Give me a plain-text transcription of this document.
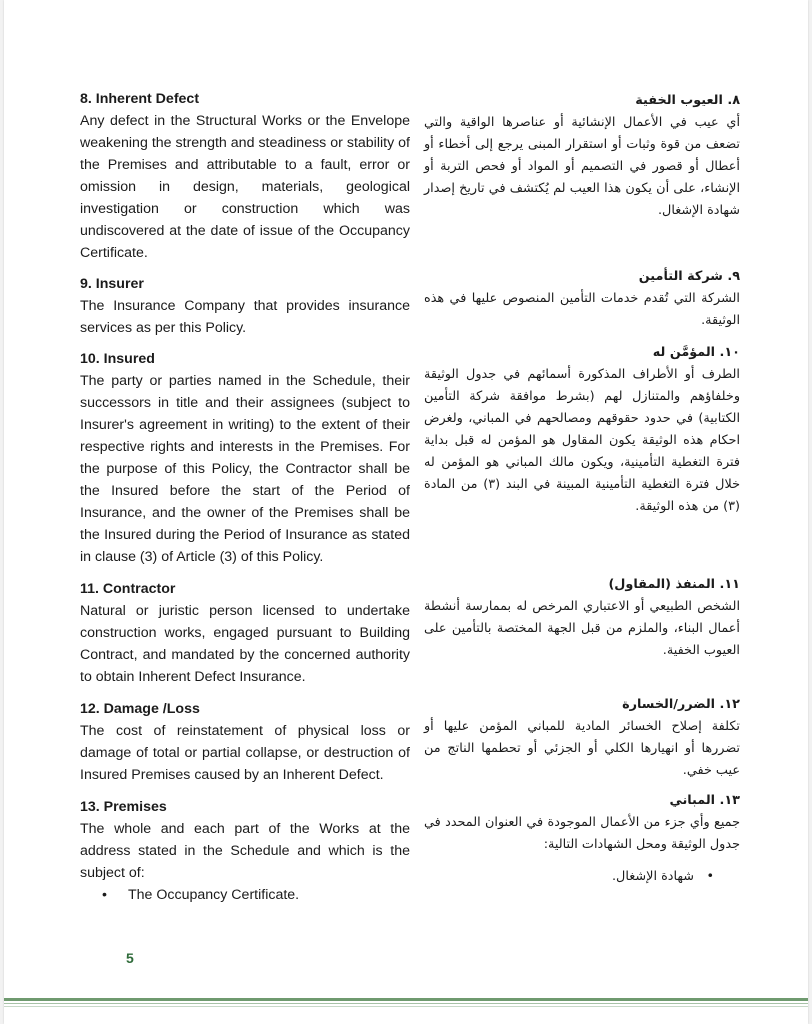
8. Inherent Defect

Any defect in the Structural Works or the Envelope weakening the strength and steadiness or stability of the Premises and attributable to a fault, error or omission in design, materials, geological investigation or construction which was undiscovered at the date of issue of the Occupancy Certificate.

٨. العيوب الخفية

أي عيب في الأعمال الإنشائية أو عناصرها الواقية والتي تضعف من قوة وثبات أو استقرار المبنى يرجع إلى أخطاء أو أعطال أو قصور في التصميم أو المواد أو فحص التربة أو الإنشاء، على أن يكون هذا العيب لم يُكتشف في تاريخ إصدار شهادة الإشغال.

9. Insurer

The Insurance Company that provides insurance services as per this Policy.

٩. شركة التأمين

الشركة التي تُقدم خدمات التأمين المنصوص عليها في هذه الوثيقة.

10. Insured

The party or parties named in the Schedule, their successors in title and their assignees (subject to Insurer's agreement in writing) to the extent of their respective rights and interests in the Premises. For the purpose of this Policy, the Contractor shall be the Insured before the start of the Period of Insurance, and the owner of the Premises shall be the Insured during the Period of Insurance as stated in clause (3) of Article (3) of this Policy.

١٠. المؤمَّن له

الطرف أو الأطراف المذكورة أسمائهم في جدول الوثيقة وخلفاؤهم والمتنازل لهم (بشرط موافقة شركة التأمين الكتابية) في حدود حقوقهم ومصالحهم في المباني، ولغرض احكام هذه الوثيقة يكون المقاول هو المؤمن له قبل بداية فترة التغطية التأمينية، ويكون مالك المباني هو المؤمن له خلال فترة التغطية التأمينية المبينة في البند (٣) من المادة (٣) من هذه الوثيقة.

11. Contractor

Natural or juristic person licensed to undertake construction works, engaged pursuant to Building Contract, and mandated by the concerned authority to obtain Inherent Defect Insurance.

١١. المنفذ (المقاول)

الشخص الطبيعي أو الاعتباري المرخص له بممارسة أنشطة أعمال البناء، والملزم من قبل الجهة المختصة بالتأمين على العيوب الخفية.

12. Damage /Loss

The cost of reinstatement of physical loss or damage of total or partial collapse, or destruction of Insured Premises caused by an Inherent Defect.

١٢. الضرر/الخسارة

تكلفة إصلاح الخسائر المادية للمباني المؤمن عليها أو تضررها أو انهيارها الكلي أو الجزئي أو تحطمها الناتج من عيب خفي.

13. Premises

The whole and each part of the Works at the address stated in the Schedule and which is the subject of:

• The Occupancy Certificate.

١٣. المباني

جميع وأي جزء من الأعمال الموجودة في العنوان المحدد في جدول الوثيقة ومحل الشهادات التالية:

•
شهادة الإشغال.

5
